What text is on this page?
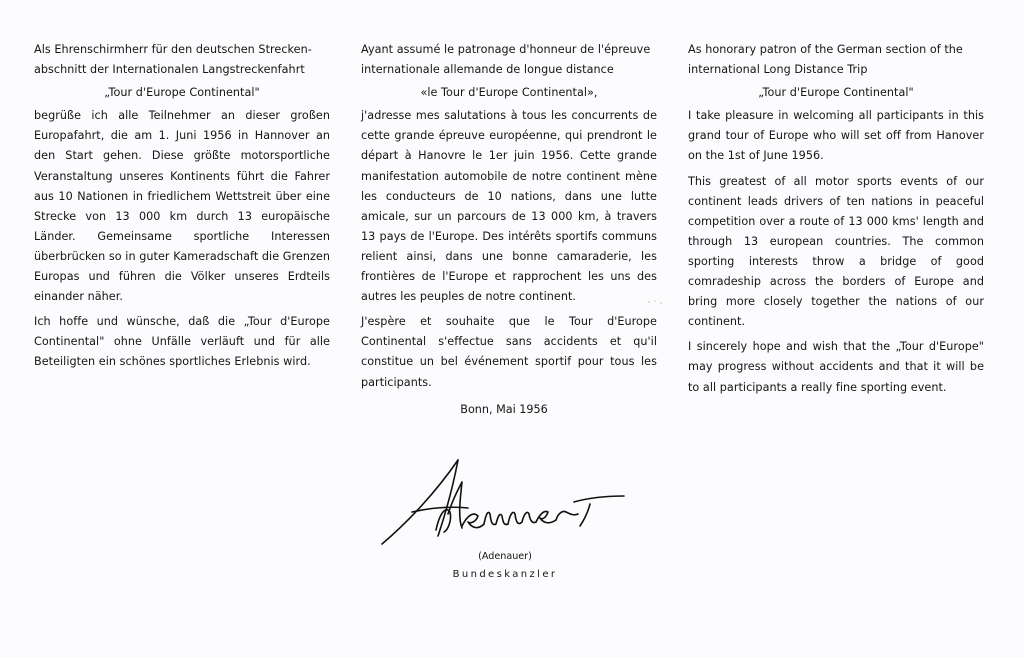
Als Ehrenschirmherr für den deutschen Strecken-abschnitt der Internationalen Langstreckenfahrt

„Tour d'Europe Continental"

begrüße ich alle Teilnehmer an dieser großen Europafahrt, die am 1. Juni 1956 in Hannover an den Start gehen. Diese größte motorsportliche Veranstaltung unseres Kontinents führt die Fahrer aus 10 Nationen in friedlichem Wettstreit über eine Strecke von 13 000 km durch 13 europäische Länder. Gemeinsame sportliche Interessen überbrücken so in guter Kameradschaft die Grenzen Europas und führen die Völker unseres Erdteils einander näher.

Ich hoffe und wünsche, daß die „Tour d'Europe Continental" ohne Unfälle verläuft und für alle Beteiligten ein schönes sportliches Erlebnis wird.

Ayant assumé le patronage d'honneur de l'épreuve internationale allemande de longue distance

«le Tour d'Europe Continental»,

j'adresse mes salutations à tous les concurrents de cette grande épreuve européenne, qui prendront le départ à Hanovre le 1er juin 1956. Cette grande manifestation automobile de notre continent mène les conducteurs de 10 nations, dans une lutte amicale, sur un parcours de 13 000 km, à travers 13 pays de l'Europe. Des intérêts sportifs communs relient ainsi, dans une bonne camaraderie, les frontières de l'Europe et rapprochent les uns des autres les peuples de notre continent.

J'espère et souhaite que le Tour d'Europe Continental s'effectue sans accidents et qu'il constitue un bel événement sportif pour tous les participants.

As honorary patron of the German section of the international Long Distance Trip

„Tour d'Europe Continental"

I take pleasure in welcoming all participants in this grand tour of Europe who will set off from Hanover on the 1st of June 1956.

This greatest of all motor sports events of our continent leads drivers of ten nations in peaceful competition over a route of 13 000 kms' length and through 13 european countries. The common sporting interests throw a bridge of good comradeship across the borders of Europe and bring more closely together the nations of our continent.

I sincerely hope and wish that the „Tour d'Europe" may progress without accidents and that it will be to all participants a really fine sporting event.

Bonn, Mai 1956
(Adenauer)
Bundeskanzler
